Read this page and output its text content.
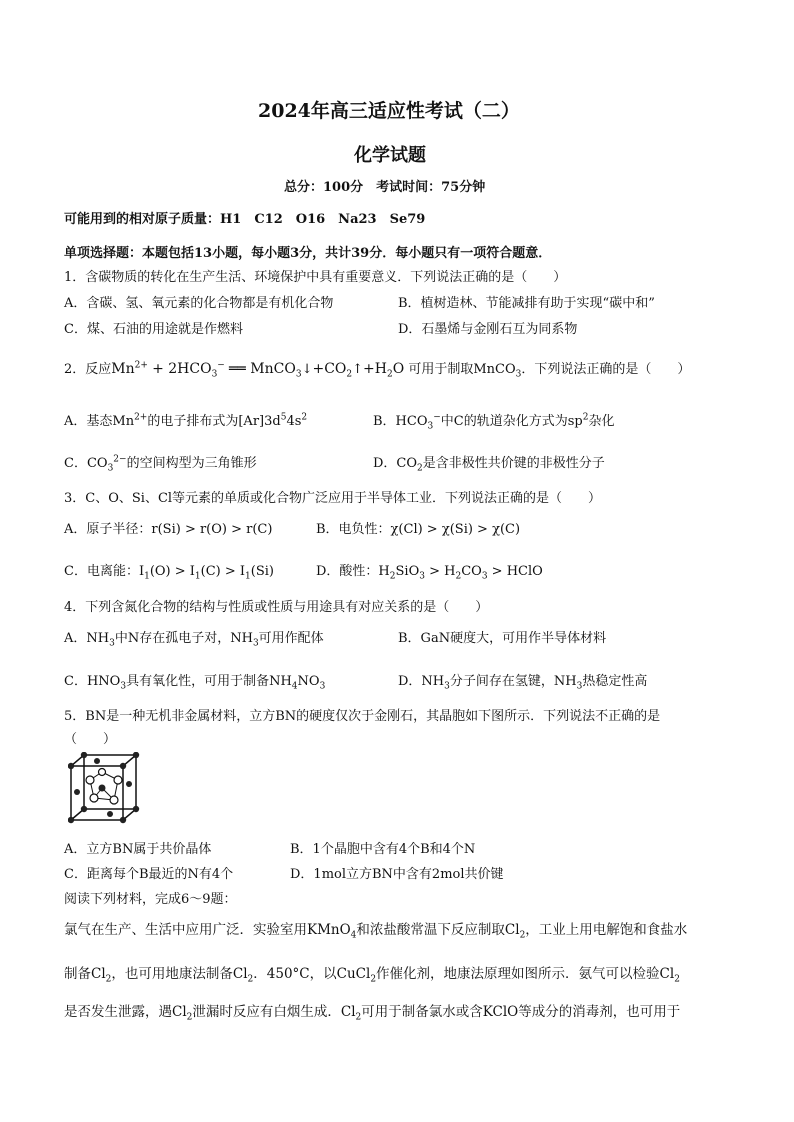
2024年高三适应性考试（二）
化学试题
总分：100分　考试时间：75分钟
可能用到的相对原子质量：H1　C12　O16　Na23　Se79
单项选择题：本题包括13小题，每小题3分，共计39分．每小题只有一项符合题意．
1．含碳物质的转化在生产生活、环境保护中具有重要意义．下列说法正确的是（　　）
A．含碳、氢、氧元素的化合物都是有机化合物	B．植树造林、节能减排有助于实现“碳中和”
C．煤、石油的用途就是作燃料	D．石墨烯与金刚石互为同系物
2．反应$Mn^{2+} + 2HCO_3^-$ ══ $MnCO_3↓+CO_2↑+H_2O$ 可用于制取MnCO$_3$．下列说法正确的是（　　）
A．基态$Mn^{2+}$的电子排布式为$[Ar]3d^54s^2$	B．$HCO_3^-$中C的轨道杂化方式为$sp^2$杂化
C．$CO_3^{2-}$的空间构型为三角锥形	D．$CO_2$是含非极性共价键的非极性分子
3．C、O、Si、Cl等元素的单质或化合物广泛应用于半导体工业．下列说法正确的是（　　）
A．原子半径：r(Si) > r(O) > r(C)	B．电负性：χ(Cl) > χ(Si) > χ(C)
C．电离能：$I_1(O) > I_1(C) > I_1(Si)$	D．酸性：$H_2SiO_3 > H_2CO_3$ > HClO
4．下列含氮化合物的结构与性质或性质与用途具有对应关系的是（　　）
A．$NH_3$中N存在孤电子对，$NH_3$可用作配体	B．GaN硬度大，可用作半导体材料
C．$HNO_3$具有氧化性，可用于制备$NH_4NO_3$	D．$NH_3$分子间存在氢键，$NH_3$热稳定性高
5．BN是一种无机非金属材料，立方BN的硬度仅次于金刚石，其晶胞如下图所示．下列说法不正确的是
（　　）
A．立方BN属于共价晶体	B．1个晶胞中含有4个B和4个N
C．距离每个B最近的N有4个	D．1mol立方BN中含有2mol共价键
阅读下列材料，完成6～9题：
氯气在生产、生活中应用广泛．实验室用KMnO$_4$和浓盐酸常温下反应制取$Cl_2$，工业上用电解饱和食盐水
制备$Cl_2$，也可用地康法制备$Cl_2$．450°C，以CuCl$_2$作催化剂，地康法原理如图所示．氨气可以检验$Cl_2$
是否发生泄露，遇$Cl_2$泄漏时反应有白烟生成．$Cl_2$可用于制备氯水或含KClO等成分的消毒剂，也可用于
